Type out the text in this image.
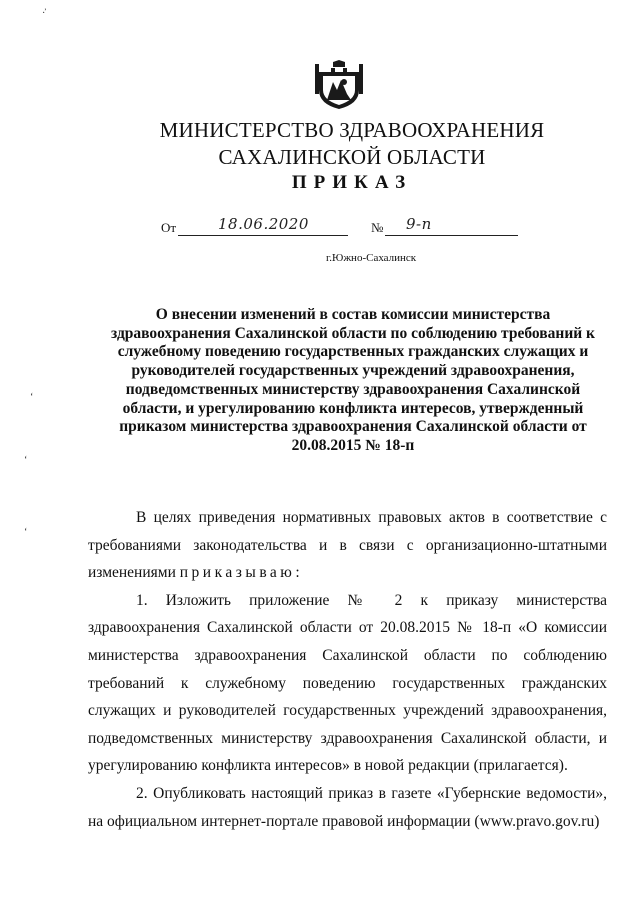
МИНИСТЕРСТВО ЗДРАВООХРАНЕНИЯ
САХАЛИНСКОЙ ОБЛАСТИ
ПРИКАЗ
От	18.06.2020	№ 9-п
г.Южно-Сахалинск
О внесении изменений в состав комиссии министерства здравоохранения Сахалинской области по соблюдению требований к служебному поведению государственных гражданских служащих и руководителей государственных учреждений здравоохранения, подведомственных министерству здравоохранения Сахалинской области, и урегулированию конфликта интересов, утвержденный приказом министерства здравоохранения Сахалинской области от 20.08.2015 № 18-п

В целях приведения нормативных правовых актов в соответствие с требованиями законодательства и в связи с организационно-штатными изменениями приказываю:

1. Изложить приложение № 2 к приказу министерства здравоохранения Сахалинской области от 20.08.2015 № 18-п «О комиссии министерства здравоохранения Сахалинской области по соблюдению требований к служебному поведению государственных гражданских служащих и руководителей государственных учреждений здравоохранения, подведомственных министерству здравоохранения Сахалинской области, и урегулированию конфликта интересов» в новой редакции (прилагается).

2. Опубликовать настоящий приказ в газете «Губернские ведомости», на официальном интернет-портале правовой информации (www.pravo.gov.ru)

·̓
‘
‘
‘
